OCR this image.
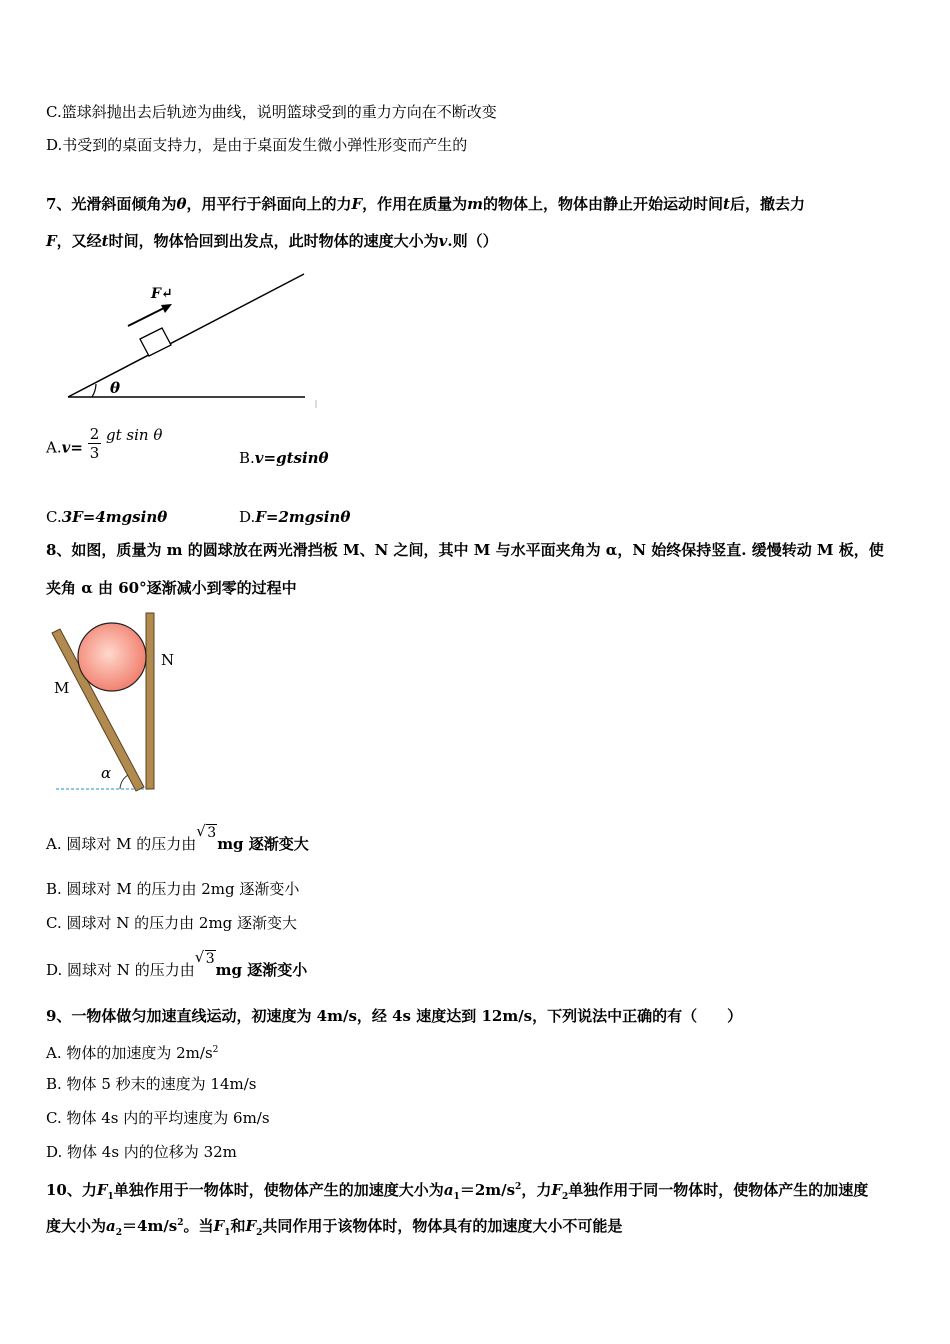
C.篮球斜抛出去后轨迹为曲线，说明篮球受到的重力方向在不断改变
D.书受到的桌面支持力，是由于桌面发生微小弹性形变而产生的
7、光滑斜面倾角为θ，用平行于斜面向上的力F，作用在质量为m的物体上，物体由静止开始运动时间t后，撤去力
F，又经t时间，物体恰回到出发点，此时物体的速度大小为v.则（）
F↵
θ
$A.v= \frac{2}{3}$ gt sin θ
B.v=gtsinθ
C.3F=4mgsinθ	D.F=2mgsinθ
8、如图，质量为 m 的圆球放在两光滑挡板 M、N 之间，其中 M 与水平面夹角为 α，N 始终保持竖直. 缓慢转动 M 板，使
夹角 α 由 60°逐渐减小到零的过程中
M
N
α
A. 圆球对 M 的压力由
√ 3mg 逐渐变大
B. 圆球对 M 的压力由 2mg 逐渐变小
C. 圆球对 N 的压力由 2mg 逐渐变大
D. 圆球对 N 的压力由
√ 3mg 逐渐变小
9、一物体做匀加速直线运动，初速度为 4m/s，经 4s 速度达到 12m/s，下列说法中正确的有（　　）
A. 物体的加速度为 $2m/s^2$
B. 物体 5 秒末的速度为 14m/s
C. 物体 4s 内的平均速度为 6m/s
D. 物体 4s 内的位移为 32m
10、力$F_1$单独作用于一物体时，使物体产生的加速度大小为$a_1=2m/s^2$，力$F_2$单独作用于同一物体时，使物体产生的加速度
度大小为$a_2=4m/s^2$。当$F_1$和$F_2$共同作用于该物体时，物体具有的加速度大小不可能是
